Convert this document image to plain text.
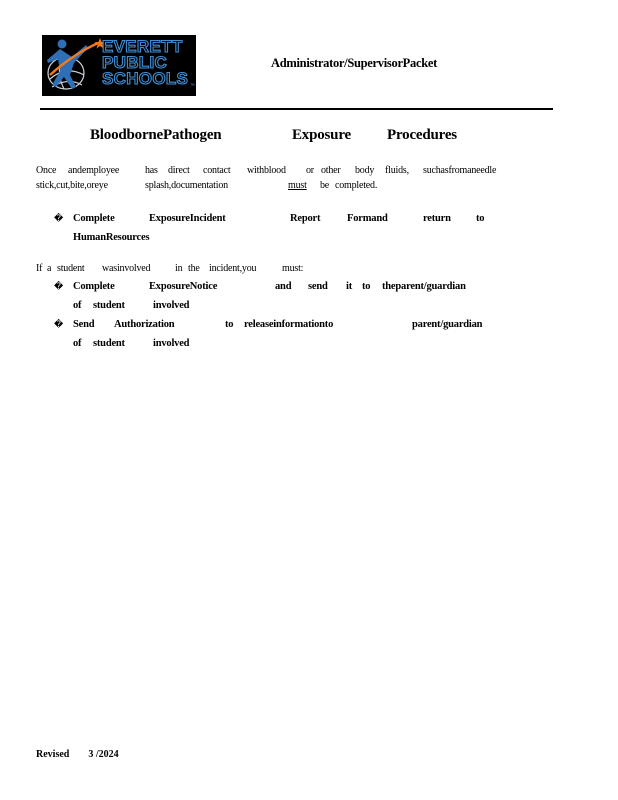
EVERETT
PUBLIC
SCHOOLS ™
Administrator/SupervisorPacket
BloodbornePathogen	Exposure Procedures
Once andemployee	has direct contact withblood or other body fluids, suchasfromaneedle
stick,cut,bite,oreye	splash,documentation	must	be completed.
� Complete	ExposureIncident	Report	Formand	return to
HumanResources
If a student wasinvolved in the incident,you	must:
� Complete	ExposureNotice	and send it to theparent/guardian
of student	involved
� Send Authorization	to releaseinformationto	parent/guardian
of student	involved
Revised 3 /2024
